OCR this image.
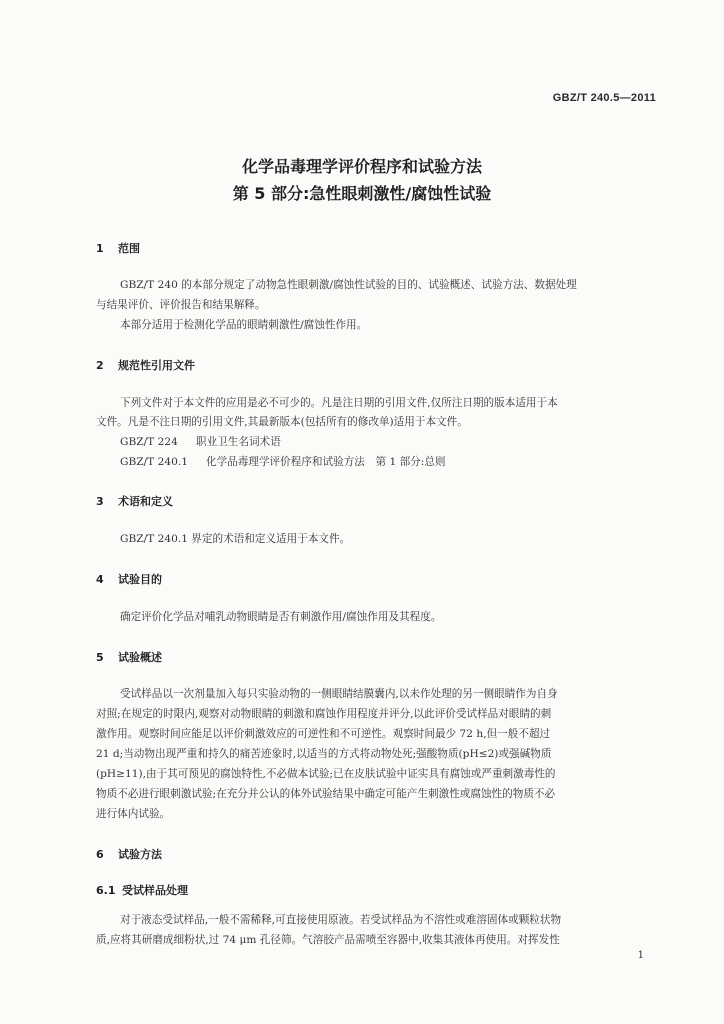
GBZ/T 240.5—2011
化学品毒理学评价程序和试验方法
第 5 部分:急性眼刺激性/腐蚀性试验
1 范围
GBZ/T 240 的本部分规定了动物急性眼刺激/腐蚀性试验的目的、试验概述、试验方法、数据处理
与结果评价、评价报告和结果解释。
本部分适用于检测化学品的眼睛刺激性/腐蚀性作用。
2 规范性引用文件
下列文件对于本文件的应用是必不可少的。凡是注日期的引用文件,仅所注日期的版本适用于本
文件。凡是不注日期的引用文件,其最新版本(包括所有的修改单)适用于本文件。
GBZ/T 224 职业卫生名词术语
GBZ/T 240.1 化学品毒理学评价程序和试验方法　第 1 部分:总则
3 术语和定义
GBZ/T 240.1 界定的术语和定义适用于本文件。
4 试验目的
确定评价化学品对哺乳动物眼睛是否有刺激作用/腐蚀作用及其程度。
5 试验概述
受试样品以一次剂量加入每只实验动物的一侧眼睛结膜囊内,以未作处理的另一侧眼睛作为自身
对照;在规定的时限内,观察对动物眼睛的刺激和腐蚀作用程度并评分,以此评价受试样品对眼睛的刺
激作用。观察时间应能足以评价刺激效应的可逆性和不可逆性。观察时间最少 72 h,但一般不超过
21 d;当动物出现严重和持久的痛苦迹象时,以适当的方式将动物处死;强酸物质(pH≤2)或强碱物质
(pH≥11),由于其可预见的腐蚀特性,不必做本试验;已在皮肤试验中证实具有腐蚀或严重刺激毒性的
物质不必进行眼刺激试验;在充分并公认的体外试验结果中确定可能产生刺激性或腐蚀性的物质不必
进行体内试验。
6 试验方法
6.1 受试样品处理
对于液态受试样品,一般不需稀释,可直接使用原液。若受试样品为不溶性或难溶固体或颗粒状物
质,应将其研磨成细粉状,过 74 μm 孔径筛。气溶胶产品需喷至容器中,收集其液体再使用。对挥发性
1
